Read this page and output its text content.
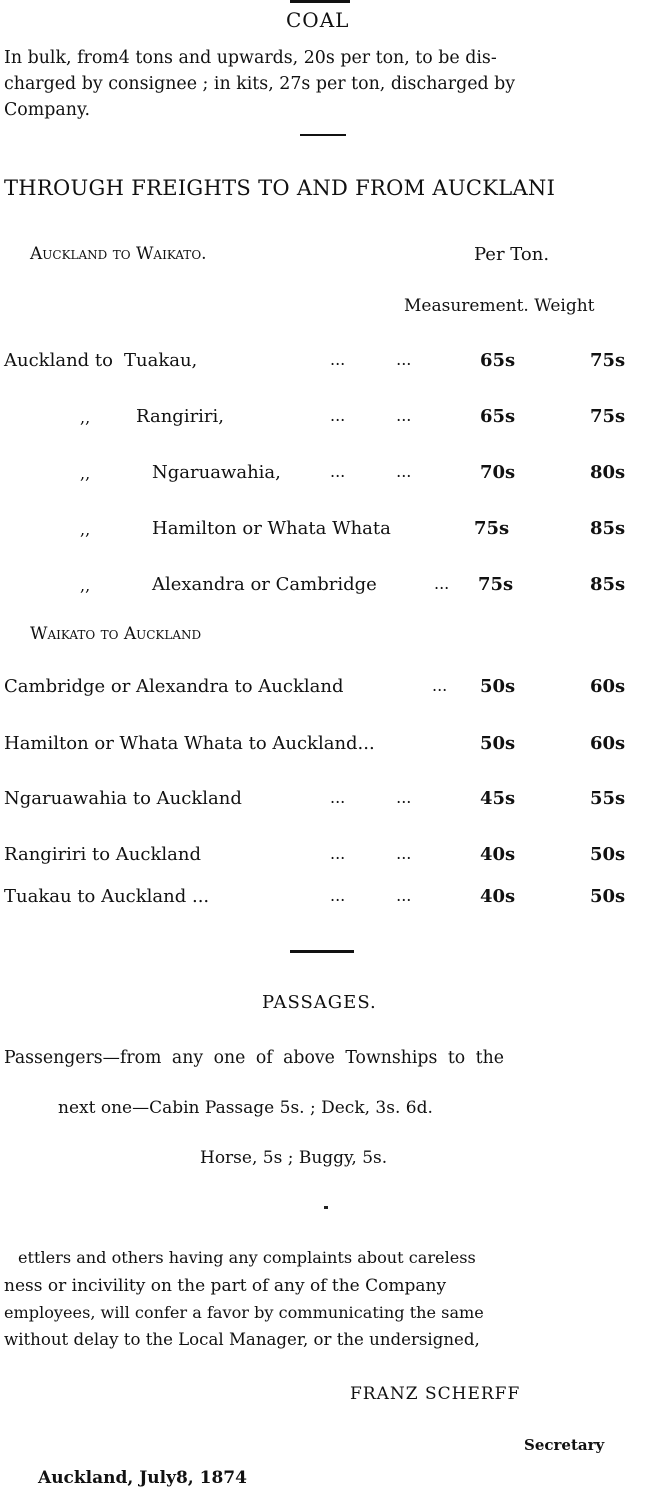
COAL
In bulk, from4 tons and upwards, 20s per ton, to be dis-
charged by consignee ; in kits, 27s per ton, discharged by
Company.
THROUGH FREIGHTS TO AND FROM AUCKLANI
Auckland to Waikato.	Per Ton.
Measurement. Weight
Auckland to Tuakau,	...          ...	65s	75s
,,	Rangiriri,	...          ...	65s	75s
,,	Ngaruawahia,	...          ...	70s	80s
,,	Hamilton or Whata Whata	75s	85s
,,	Alexandra or Cambridge	... 75s	85s
Waikato to Auckland
Cambridge or Alexandra to Auckland	... 50s	60s
Hamilton or Whata Whata to Auckland...	50s	60s
Ngaruawahia to Auckland	...          ...	45s	55s
Rangiriri to Auckland	...          ...	40s	50s
Tuakau to Auckland ...	...          ...	40s	50s
PASSAGES.
Passengers—from any one of above Townships to the
next one—Cabin Passage 5s. ; Deck, 3s. 6d.
Horse, 5s ; Buggy, 5s.
ettlers and others having any complaints about careless
ness or incivility on the part of any of the Company
employees, will confer a favor by communicating the same
without delay to the Local Manager, or the undersigned,
FRANZ SCHERFF
Secretary
Auckland, July8, 1874
